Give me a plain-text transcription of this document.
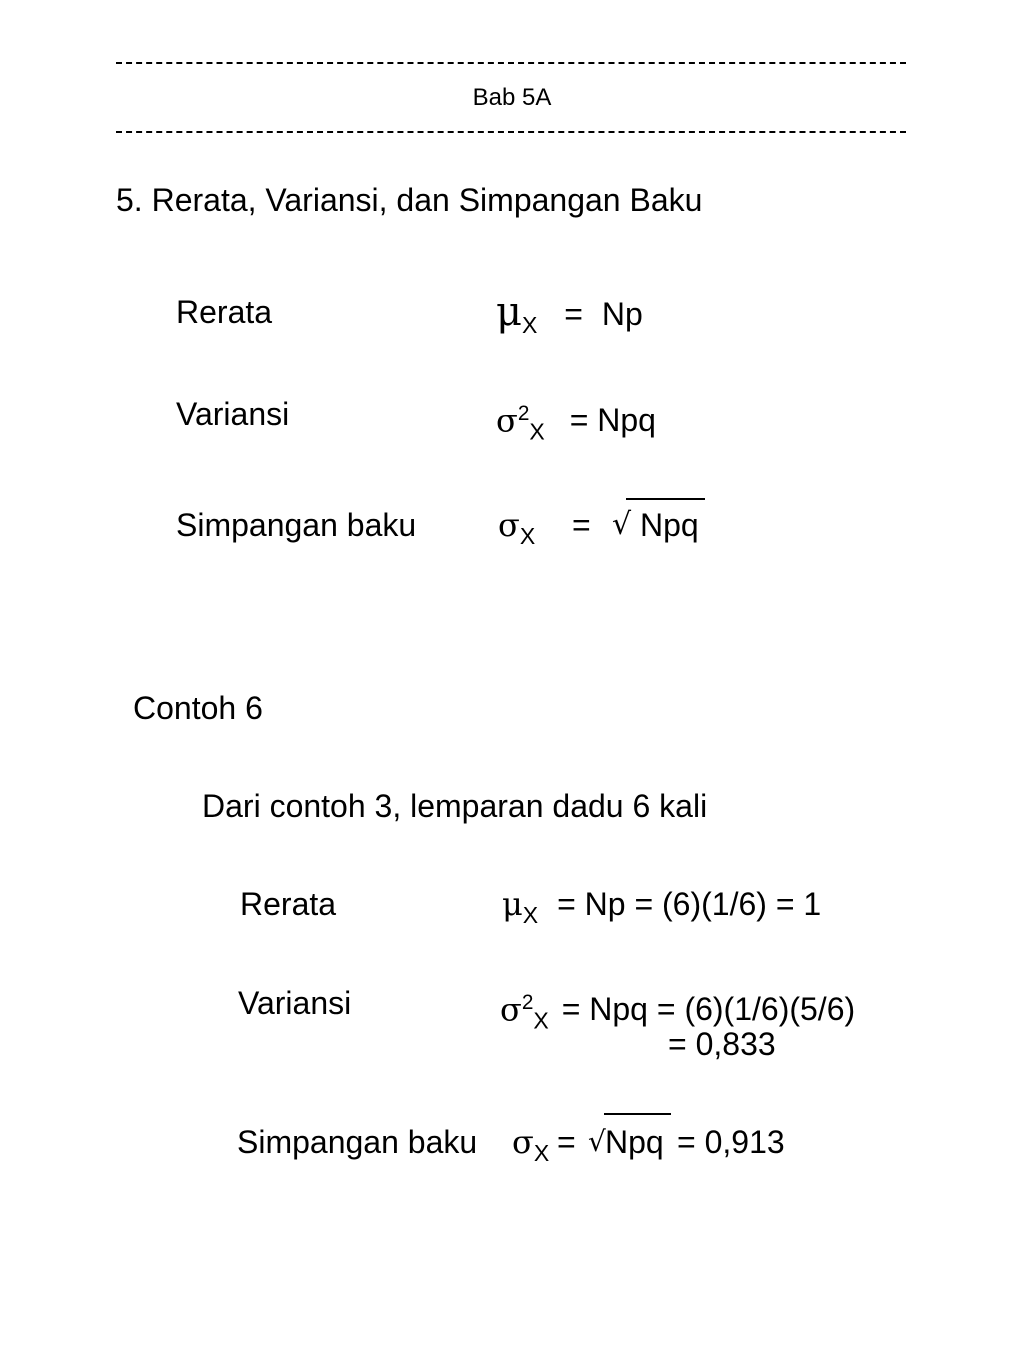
Bab 5A
5. Rerata, Variansi, dan Simpangan Baku
Rerata	$\mu_X = Np$
Variansi	$\sigma^2_X$ = Npq
Simpangan baku	$\sigma_X$ = √ Npq
Contoh 6
Dari contoh 3, lemparan dadu 6 kali
Rerata	$\mu_X = Np = (6)(1/6) = 1$
Variansi	$\sigma^2_X$ = Npq = (6)(1/6)(5/6)
= 0,833
Simpangan baku $\sigma_X$ = √ Npq = 0,913
